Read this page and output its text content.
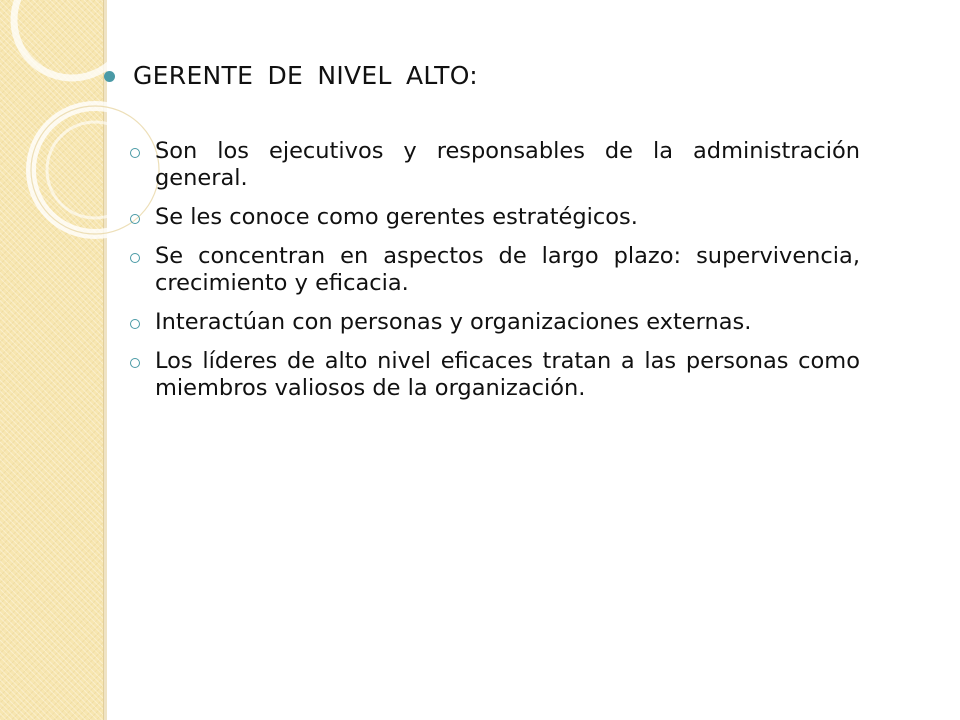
GERENTE DE NIVEL ALTO:
Son los ejecutivos y responsables de la administración general.
Se les conoce como gerentes estratégicos.
Se concentran en aspectos de largo plazo: supervivencia, crecimiento y eficacia.
Interactúan con personas y organizaciones externas.
Los líderes de alto nivel eficaces tratan a las personas como miembros valiosos de la organización.
